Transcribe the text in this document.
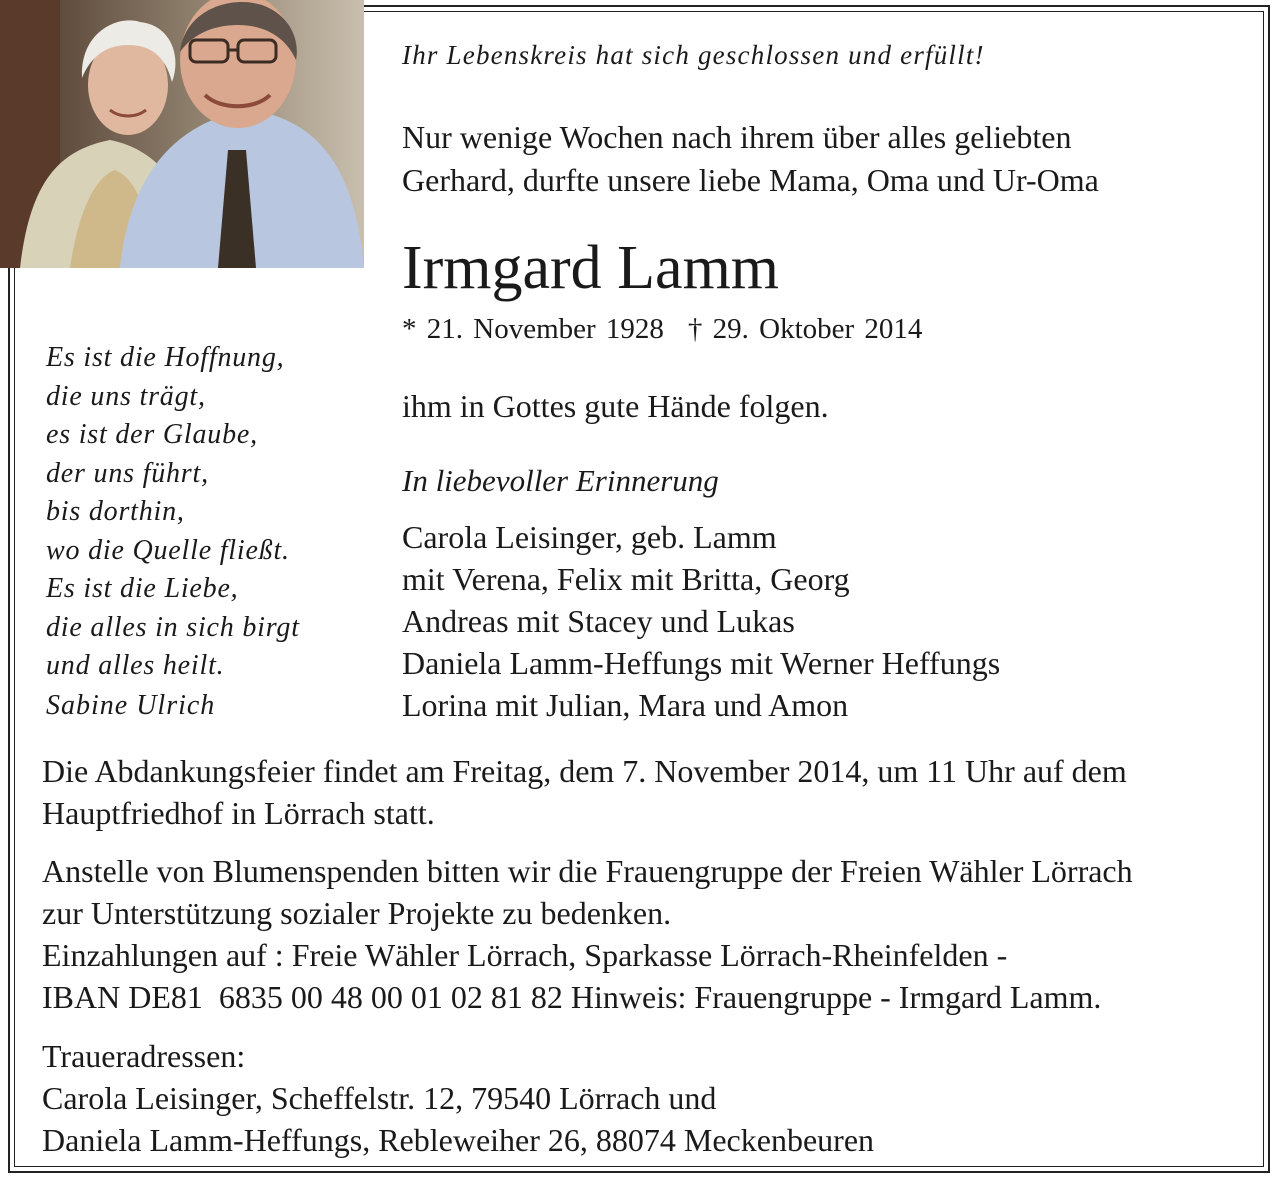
Ihr Lebenskreis hat sich geschlossen und erfüllt!

Nur wenige Wochen nach ihrem über alles geliebten
Gerhard, durfte unsere liebe Mama, Oma und Ur-Oma

Irmgard Lamm

* 21. November 1928 † 29. Oktober 2014

ihm in Gottes gute Hände folgen.

In liebevoller Erinnerung

Carola Leisinger, geb. Lamm
mit Verena, Felix mit Britta, Georg
Andreas mit Stacey und Lukas
Daniela Lamm-Heffungs mit Werner Heffungs
Lorina mit Julian, Mara und Amon
Es ist die Hoffnung,
die uns trägt,
es ist der Glaube,
der uns führt,
bis dorthin,
wo die Quelle fließt.
Es ist die Liebe,
die alles in sich birgt
und alles heilt.

Sabine Ulrich

Die Abdankungsfeier findet am Freitag, dem 7. November 2014, um 11 Uhr auf dem
Hauptfriedhof in Lörrach statt.

Anstelle von Blumenspenden bitten wir die Frauengruppe der Freien Wähler Lörrach
zur Unterstützung sozialer Projekte zu bedenken.
Einzahlungen auf : Freie Wähler Lörrach, Sparkasse Lörrach-Rheinfelden -
IBAN DE81  6835 00 48 00 01 02 81 82 Hinweis: Frauengruppe - Irmgard Lamm.

Traueradressen:
Carola Leisinger, Scheffelstr. 12, 79540 Lörrach und
Daniela Lamm-Heffungs, Rebleweiher 26, 88074 Meckenbeuren
